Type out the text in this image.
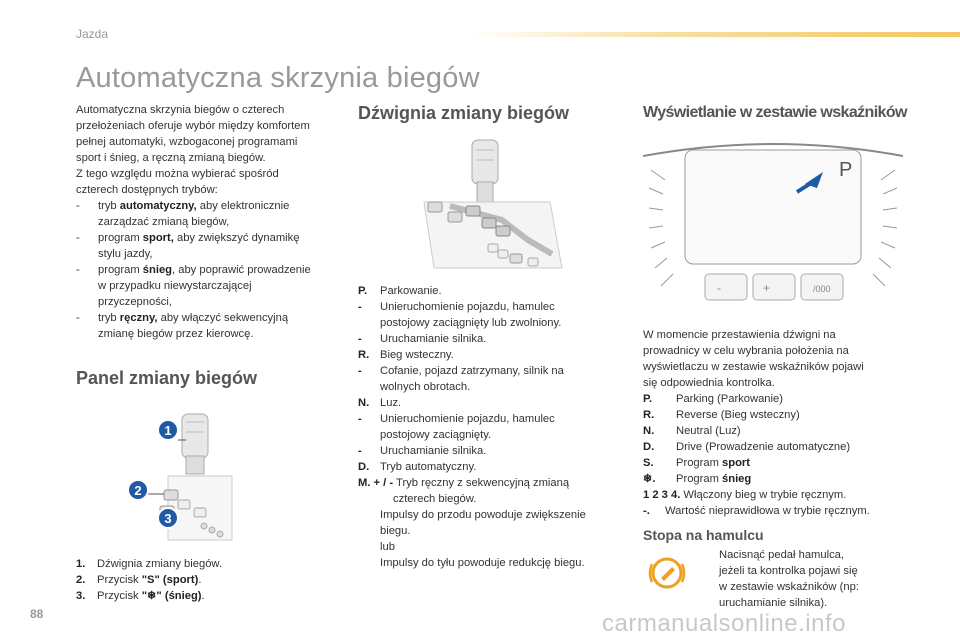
Jazda
Automatyczna skrzynia biegów

Automatyczna skrzynia biegów o czterech

przełożeniach oferuje wybór między komfortem

pełnej automatyki, wzbogaconej programami

sport i śnieg, a ręczną zmianą biegów.

Z tego względu można wybierać spośród

czterech dostępnych trybów:

- tryb automatyczny, aby elektronicznie
zarządzać zmianą biegów,
- program sport, aby zwiększyć dynamikę
stylu jazdy,
- program śnieg, aby poprawić prowadzenie
w przypadku niewystarczającej
przyczepności,
- tryb ręczny, aby włączyć sekwencyjną
zmianę biegów przez kierowcę.
Panel zmiany biegów
1
2
3
1. Dźwignia zmiany biegów.
2. Przycisk "S" (sport).
3. Przycisk "❄" (śnieg).
Dźwignia zmiany biegów
P. Parkowanie.
- Unieruchomienie pojazdu, hamulec
postojowy zaciągnięty lub zwolniony.
- Uruchamianie silnika.
R. Bieg wsteczny.
- Cofanie, pojazd zatrzymany, silnik na
wolnych obrotach.
N. Luz.
- Unieruchomienie pojazdu, hamulec
postojowy zaciągnięty.
- Uruchamianie silnika.
D. Tryb automatyczny.
M. + / - Tryb ręczny z sekwencyjną zmianą
czterech biegów.
Impulsy do przodu powoduje zwiększenie
biegu.
lub
Impulsy do tyłu powoduje redukcję biegu.
Wyświetlanie w zestawie wskaźników
P
-	+	/000

W momencie przestawienia dźwigni na

prowadnicy w celu wybrania położenia na

wyświetlaczu w zestawie wskaźników pojawi

się odpowiednia kontrolka.

P. Parking (Parkowanie)
R. Reverse (Bieg wsteczny)
N. Neutral (Luz)
D. Drive (Prowadzenie automatyczne)
S. Program sport
❄. Program śnieg
1 2 3 4. Włączony bieg w trybie ręcznym.
-. Wartość nieprawidłowa w trybie ręcznym.
Stopa na hamulcu
Nacisnąć pedał hamulca,
jeżeli ta kontrolka pojawi się
w zestawie wskaźników (np:
uruchamianie silnika).
88	carmanualsonline.info
